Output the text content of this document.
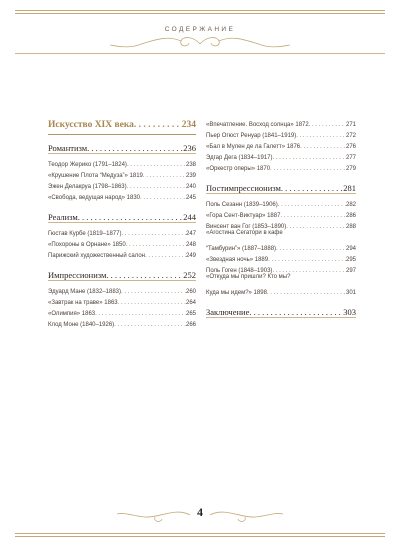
СОДЕРЖАНИЕ
Искусство XIX века . . .	234
Романтизм . . .	236
Теодор Жерико (1791–1824) . . .	238
«Крушение Плота “Медуза”» 1819 . . .	239
Эжен Делакруа (1798–1863) . . .	240
«Свобода, ведущая народ» 1830 . . .	245
Реализм . . .	244
Гюстав Курбе (1819–1877) . . .	247
«Похороны в Орнане» 1850 . . .	248
Парижский художественный салон . . .	249
Импрессионизм . . .	252
Эдуард Мане (1832–1883) . . .	260
«Завтрак на траве» 1863 . . .	264
«Олимпия» 1863 . . .	265
Клод Моне (1840–1926) . . .	266
«Впечатление. Восход солнца» 1872 . . .	271
Пьер Огюст Ренуар (1841–1919) . . .	272
«Бал в Мулен де ла Галетт» 1876 . . .	276
Эдгар Дега (1834–1917) . . .	277
«Оркестр оперы» 1870 . . .	279
Постимпрессионизм . . .	281
Поль Сезанн (1839–1906) . . .	282
«Гора Сент-Виктуар» 1887 . . .	286
Винсент ван Гог (1853–1890) . . .	288
«Агостина Сегатори в кафе
“Тамбурин”» (1887–1888) . . .	294
«Звездная ночь» 1889 . . .	295
Поль Гоген (1848–1903) . . .	297
«Откуда мы пришли? Кто мы?
Куда мы идем?» 1898 . . .	301
Заключение . . .	303
4
